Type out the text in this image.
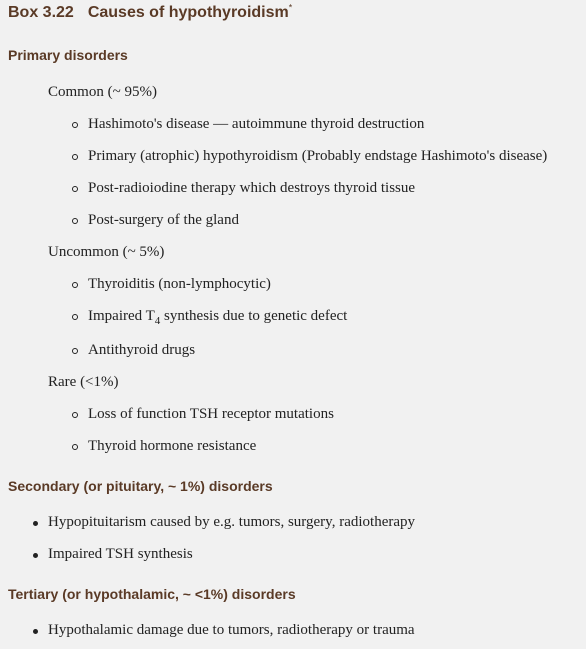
Box 3.22 Causes of hypothyroidism*
Primary disorders
Common (~ 95%)
Hashimoto's disease — autoimmune thyroid destruction
Primary (atrophic) hypothyroidism (Probably endstage Hashimoto's disease)
Post-radioiodine therapy which destroys thyroid tissue
Post-surgery of the gland
Uncommon (~ 5%)
Thyroiditis (non-lymphocytic)
Impaired $T_4$ synthesis due to genetic defect
Antithyroid drugs
Rare (<1%)
Loss of function TSH receptor mutations
Thyroid hormone resistance
Secondary (or pituitary, ~ 1%) disorders
Hypopituitarism caused by e.g. tumors, surgery, radiotherapy
Impaired TSH synthesis
Tertiary (or hypothalamic, ~ <1%) disorders
Hypothalamic damage due to tumors, radiotherapy or trauma
